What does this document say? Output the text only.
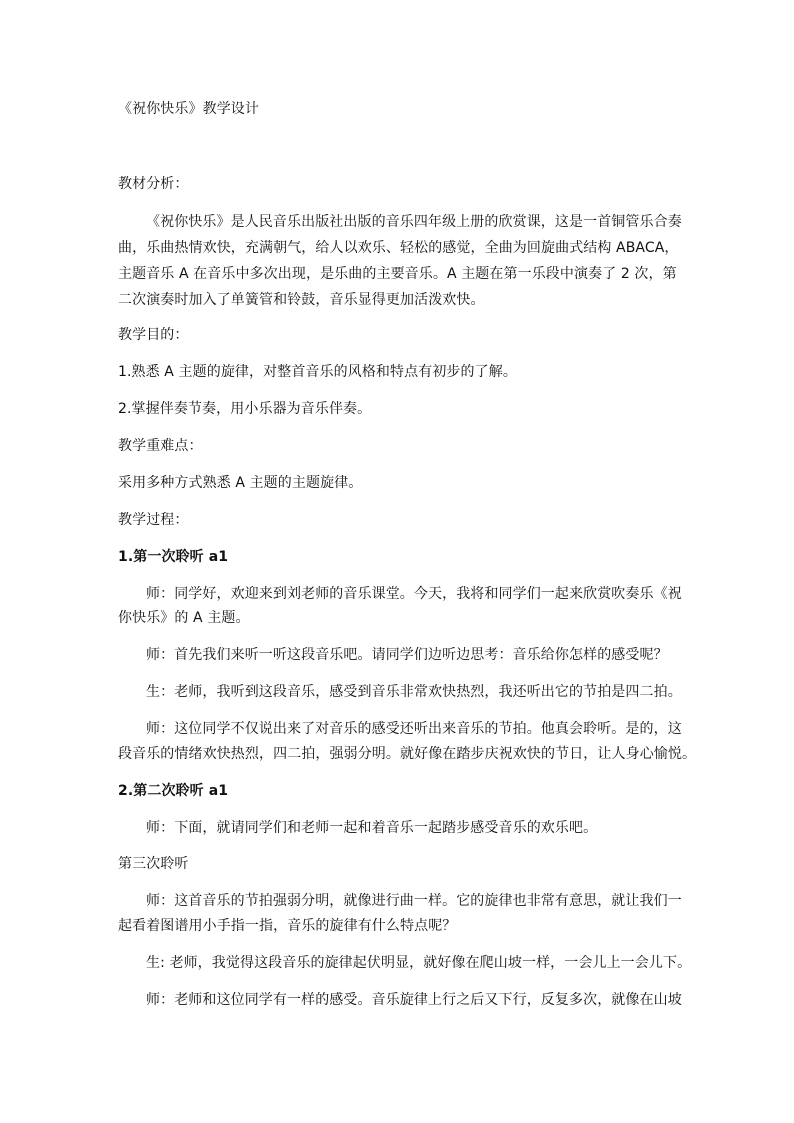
《祝你快乐》教学设计
教材分析：
《祝你快乐》是人民音乐出版社出版的音乐四年级上册的欣赏课，这是一首铜管乐合奏
曲，乐曲热情欢快，充满朝气，给人以欢乐、轻松的感觉，全曲为回旋曲式结构 ABACA，
主题音乐 A 在音乐中多次出现，是乐曲的主要音乐。A 主题在第一乐段中演奏了 2 次，第
二次演奏时加入了单簧管和铃鼓，音乐显得更加活泼欢快。
教学目的：
1.熟悉 A 主题的旋律，对整首音乐的风格和特点有初步的了解。
2.掌握伴奏节奏，用小乐器为音乐伴奏。
教学重难点：
采用多种方式熟悉 A 主题的主题旋律。
教学过程：
1.第一次聆听 a1
师：同学好，欢迎来到刘老师的音乐课堂。今天，我将和同学们一起来欣赏吹奏乐《祝
你快乐》的 A 主题。
师：首先我们来听一听这段音乐吧。请同学们边听边思考：音乐给你怎样的感受呢？
生：老师，我听到这段音乐，感受到音乐非常欢快热烈，我还听出它的节拍是四二拍。
师：这位同学不仅说出来了对音乐的感受还听出来音乐的节拍。他真会聆听。是的，这
段音乐的情绪欢快热烈，四二拍，强弱分明。就好像在踏步庆祝欢快的节日，让人身心愉悦。
2.第二次聆听 a1
师：下面，就请同学们和老师一起和着音乐一起踏步感受音乐的欢乐吧。
第三次聆听
师：这首音乐的节拍强弱分明，就像进行曲一样。它的旋律也非常有意思，就让我们一
起看着图谱用小手指一指，音乐的旋律有什么特点呢？
生: 老师，我觉得这段音乐的旋律起伏明显，就好像在爬山坡一样，一会儿上一会儿下。
师：老师和这位同学有一样的感受。音乐旋律上行之后又下行，反复多次，就像在山坡
